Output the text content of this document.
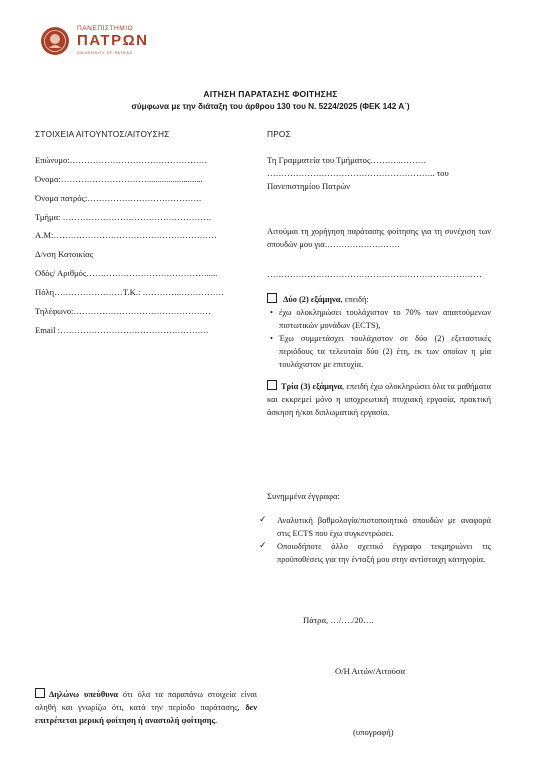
ΠΑΝΕΠΙΣΤΗΜΙΟ
ΠΑΤΡΩΝ
UNIVERSITY OF PATRAS
ΑΙΤΗΣΗ ΠΑΡΑΤΑΣΗΣ ΦΟΙΤΗΣΗΣ
σύμφωνα με την διάταξη του άρθρου 130 του Ν. 5224/2025 (ΦΕΚ 142 Α΄)
ΣΤΟΙΧΕΙΑ ΑΙΤΟΥΝΤΟΣ/ΑΙΤΟΥΣΗΣ
Επώνυμο:…………………………………………
Όνομα:…………………………..........................
Όνομα πατρός:………………………………….
Τμήμα: …………………………………………….
Α.Μ:…………………………………………………
Δ/νση Κατοικίας
Οδός/ Αριθμός…………………………………….....
Πόλη……………………Τ.Κ.: …………..……………
Τηλέφωνο:…………………………………………
Email :…………………………………………….
ΠΡΟΣ
Τη Γραμματεία του Τμήματος………..………
………………………………………………….. του
Πανεπιστημίου Πατρών
Αιτούμαι τη χορήγηση παράτασης φοίτησης για τη συνέχιση των σπουδών μου για………………………
…………………………………………………………………
Δύο (2) εξάμηνα, επειδή:
• έχω ολοκληρώσει τουλάχιστον το 70% των απαιτούμενων πιστωτικών μονάδων (ECTS),
• Έχω συμμετάσχει τουλάχιστον σε δύο (2) εξεταστικές περιόδους τα τελευταία δύο (2) έτη, εκ των οποίων η μία τουλάχιστον με επιτυχία.
Τρία (3) εξάμηνα, επειδή έχω ολοκληρώσει όλα τα μαθήματα και εκκρεμεί μόνο η υποχρεωτική πτυχιακή εργασία, πρακτική άσκηση ή/και διπλωματική εργασία.
Συνημμένα έγγραφα:
✓ Αναλυτική βαθμολογία/πιστοποιητικό σπουδών με αναφορά στις ECTS που έχω συγκεντρώσει.
✓ Οποιοδήποτε άλλο σχετικό έγγραφο τεκμηριώνει τις προϋποθέσεις για την ένταξή μου στην αντίστοιχη κατηγορία.
Πάτρα, …/…./20….
Ο/Η Αιτών/Αιτούσα
(υπογραφή)
Δηλώνω υπεύθυνα ότι όλα τα παραπάνω στοιχεία είναι αληθή και γνωρίζω ότι, κατά την περίοδο παράτασης, δεν επιτρέπεται μερική φοίτηση ή αναστολή φοίτησης.
